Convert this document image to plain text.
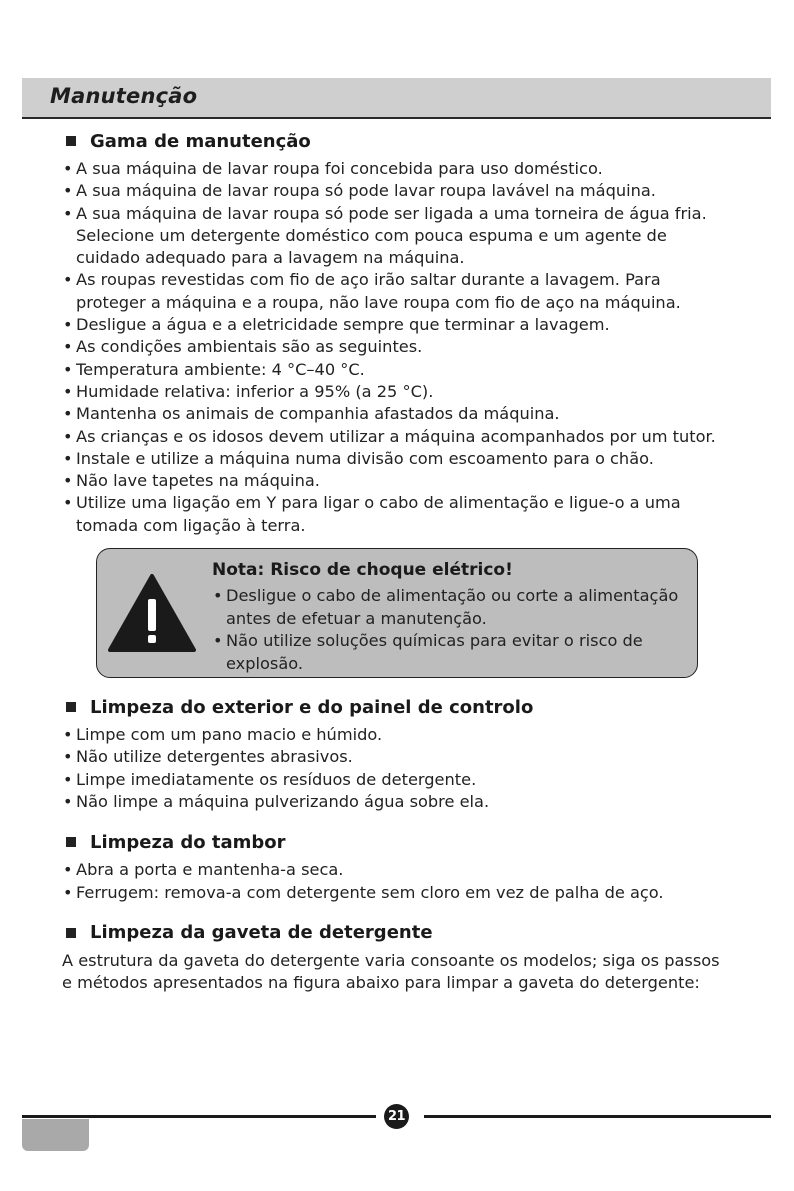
Manutenção
Gama de manutenção
• A sua máquina de lavar roupa foi concebida para uso doméstico.
• A sua máquina de lavar roupa só pode lavar roupa lavável na máquina.
• A sua máquina de lavar roupa só pode ser ligada a uma torneira de água fria. Selecione um detergente doméstico com pouca espuma e um agente de cuidado adequado para a lavagem na máquina.
• As roupas revestidas com fio de aço irão saltar durante a lavagem. Para proteger a máquina e a roupa, não lave roupa com fio de aço na máquina.
• Desligue a água e a eletricidade sempre que terminar a lavagem.
• As condições ambientais são as seguintes.
• Temperatura ambiente: 4 °C–40 °C.
• Humidade relativa: inferior a 95% (a 25 °C).
• Mantenha os animais de companhia afastados da máquina.
• As crianças e os idosos devem utilizar a máquina acompanhados por um tutor.
• Instale e utilize a máquina numa divisão com escoamento para o chão.
• Não lave tapetes na máquina.
• Utilize uma ligação em Y para ligar o cabo de alimentação e ligue-o a uma tomada com ligação à terra.
Nota: Risco de choque elétrico!
• Desligue o cabo de alimentação ou corte a alimentação antes de efetuar a manutenção.
• Não utilize soluções químicas para evitar o risco de explosão.
Limpeza do exterior e do painel de controlo
• Limpe com um pano macio e húmido.
• Não utilize detergentes abrasivos.
• Limpe imediatamente os resíduos de detergente.
• Não limpe a máquina pulverizando água sobre ela.
Limpeza do tambor
• Abra a porta e mantenha-a seca.
• Ferrugem: remova-a com detergente sem cloro em vez de palha de aço.
Limpeza da gaveta de detergente

A estrutura da gaveta do detergente varia consoante os modelos; siga os passos e métodos apresentados na figura abaixo para limpar a gaveta do detergente:

21
